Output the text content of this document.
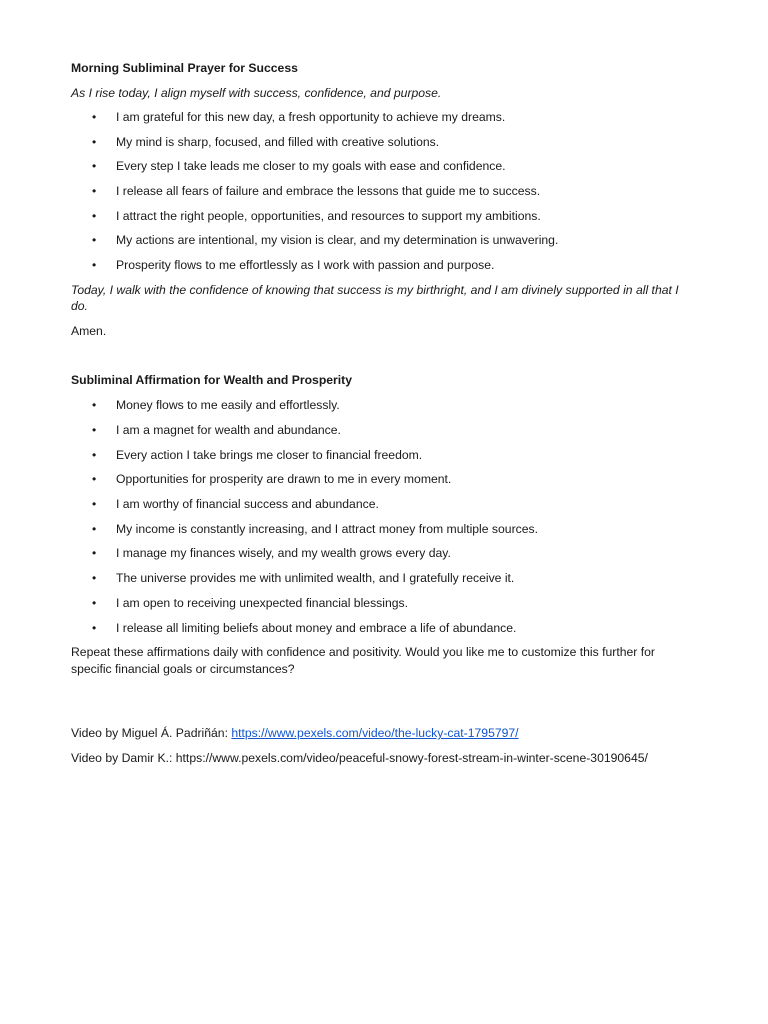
Morning Subliminal Prayer for Success

As I rise today, I align myself with success, confidence, and purpose.

• I am grateful for this new day, a fresh opportunity to achieve my dreams.
• My mind is sharp, focused, and filled with creative solutions.
• Every step I take leads me closer to my goals with ease and confidence.
• I release all fears of failure and embrace the lessons that guide me to success.
• I attract the right people, opportunities, and resources to support my ambitions.
• My actions are intentional, my vision is clear, and my determination is unwavering.
• Prosperity flows to me effortlessly as I work with passion and purpose.

Today, I walk with the confidence of knowing that success is my birthright, and I am divinely supported in all that I do.

Amen.

Subliminal Affirmation for Wealth and Prosperity

• Money flows to me easily and effortlessly.
• I am a magnet for wealth and abundance.
• Every action I take brings me closer to financial freedom.
• Opportunities for prosperity are drawn to me in every moment.
• I am worthy of financial success and abundance.
• My income is constantly increasing, and I attract money from multiple sources.
• I manage my finances wisely, and my wealth grows every day.
• The universe provides me with unlimited wealth, and I gratefully receive it.
• I am open to receiving unexpected financial blessings.
• I release all limiting beliefs about money and embrace a life of abundance.

Repeat these affirmations daily with confidence and positivity. Would you like me to customize this further for specific financial goals or circumstances?

Video by Miguel Á. Padriñán: https://www.pexels.com/video/the-lucky-cat-1795797/

Video by Damir K.: https://www.pexels.com/video/peaceful-snowy-forest-stream-in-winter-scene-30190645/
